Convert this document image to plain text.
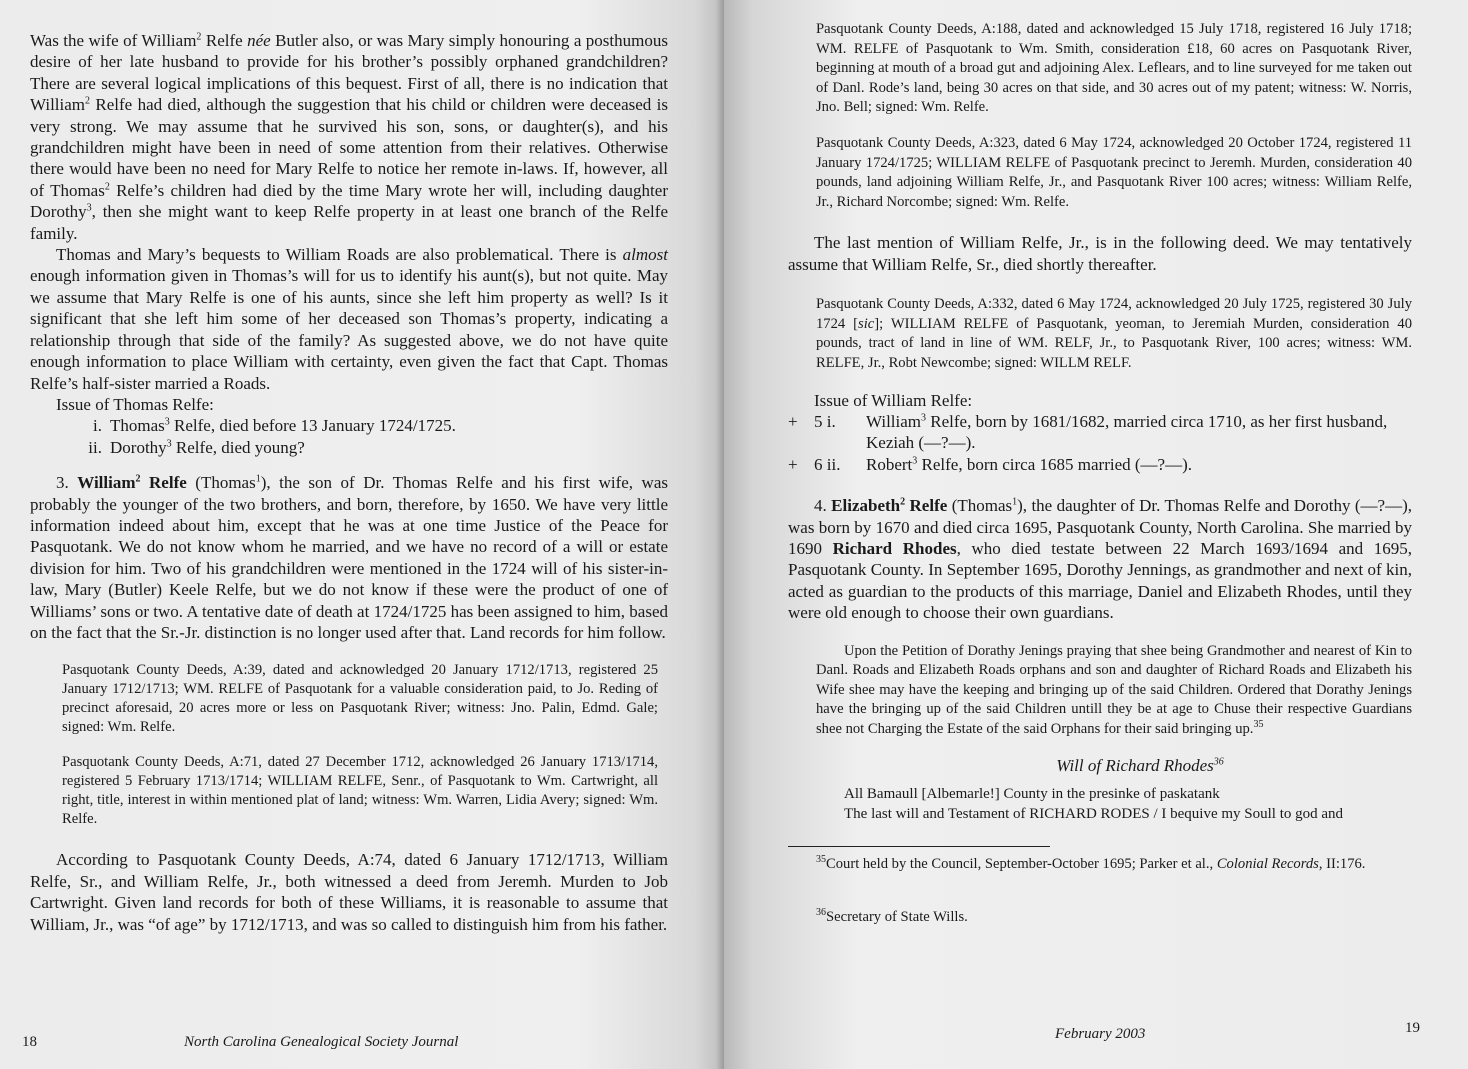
Was the wife of William$^2$ Relfe née Butler also, or was Mary simply honouring a posthumous desire of her late husband to provide for his brother’s possibly orphaned grandchildren? There are several logical implications of this bequest. First of all, there is no indication that William$^2$ Relfe had died, although the suggestion that his child or children were deceased is very strong. We may assume that he survived his son, sons, or daughter(s), and his grandchildren might have been in need of some attention from their relatives. Otherwise there would have been no need for Mary Relfe to notice her remote in-laws. If, however, all of Thomas$^2$ Relfe’s children had died by the time Mary wrote her will, including daughter Dorothy$^3$, then she might want to keep Relfe property in at least one branch of the Relfe family.

Thomas and Mary’s bequests to William Roads are also problematical. There is almost enough information given in Thomas’s will for us to identify his aunt(s), but not quite. May we assume that Mary Relfe is one of his aunts, since she left him property as well? Is it significant that she left him some of her deceased son Thomas’s property, indicating a relationship through that side of the family? As suggested above, we do not have quite enough information to place William with certainty, even given the fact that Capt. Thomas Relfe’s half-sister married a Roads.

Issue of Thomas Relfe:
i. Thomas$^3$ Relfe, died before 13 January 1724/1725.
ii. Dorothy$^3$ Relfe, died young?

3. William$^2$ Relfe (Thomas$^1$), the son of Dr. Thomas Relfe and his first wife, was probably the younger of the two brothers, and born, therefore, by 1650. We have very little information indeed about him, except that he was at one time Justice of the Peace for Pasquotank. We do not know whom he married, and we have no record of a will or estate division for him. Two of his grandchildren were mentioned in the 1724 will of his sister-in-law, Mary (Butler) Keele Relfe, but we do not know if these were the product of one of Williams’ sons or two. A tentative date of death at 1724/1725 has been assigned to him, based on the fact that the Sr.-Jr. distinction is no longer used after that. Land records for him follow.

Pasquotank County Deeds, A:39, dated and acknowledged 20 January 1712/1713, registered 25 January 1712/1713; WM. RELFE of Pasquotank for a valuable consideration paid, to Jo. Reding of precinct aforesaid, 20 acres more or less on Pasquotank River; witness: Jno. Palin, Edmd. Gale; signed: Wm. Relfe.

Pasquotank County Deeds, A:71, dated 27 December 1712, acknowledged 26 January 1713/1714, registered 5 February 1713/1714; WILLIAM RELFE, Senr., of Pasquotank to Wm. Cartwright, all right, title, interest in within mentioned plat of land; witness: Wm. Warren, Lidia Avery; signed: Wm. Relfe.

According to Pasquotank County Deeds, A:74, dated 6 January 1712/1713, William Relfe, Sr., and William Relfe, Jr., both witnessed a deed from Jeremh. Murden to Job Cartwright. Given land records for both of these Williams, it is reasonable to assume that William, Jr., was “of age” by 1712/1713, and was so called to distinguish him from his father.

18	North Carolina Genealogical Society Journal

Pasquotank County Deeds, A:188, dated and acknowledged 15 July 1718, registered 16 July 1718; WM. RELFE of Pasquotank to Wm. Smith, consideration £18, 60 acres on Pasquotank River, beginning at mouth of a broad gut and adjoining Alex. Leflears, and to line surveyed for me taken out of Danl. Rode’s land, being 30 acres on that side, and 30 acres out of my patent; witness: W. Norris, Jno. Bell; signed: Wm. Relfe.

Pasquotank County Deeds, A:323, dated 6 May 1724, acknowledged 20 October 1724, registered 11 January 1724/1725; WILLIAM RELFE of Pasquotank precinct to Jeremh. Murden, consideration 40 pounds, land adjoining William Relfe, Jr., and Pasquotank River 100 acres; witness: William Relfe, Jr., Richard Norcombe; signed: Wm. Relfe.

The last mention of William Relfe, Jr., is in the following deed. We may tentatively assume that William Relfe, Sr., died shortly thereafter.

Pasquotank County Deeds, A:332, dated 6 May 1724, acknowledged 20 July 1725, registered 30 July 1724 [sic]; WILLIAM RELFE of Pasquotank, yeoman, to Jeremiah Murden, consideration 40 pounds, tract of land in line of WM. RELF, Jr., to Pasquotank River, 100 acres; witness: WM. RELFE, Jr., Robt Newcombe; signed: WILLM RELF.

Issue of William Relfe:
+ 5 i.	William$^3$ Relfe, born by 1681/1682, married circa 1710, as her first husband,
Keziah (—?—).
+ 6 ii.	Robert$^3$ Relfe, born circa 1685 married (—?—).

4. Elizabeth$^2$ Relfe (Thomas$^1$), the daughter of Dr. Thomas Relfe and Dorothy (—?—), was born by 1670 and died circa 1695, Pasquotank County, North Carolina. She married by 1690 Richard Rhodes, who died testate between 22 March 1693/1694 and 1695, Pasquotank County. In September 1695, Dorothy Jennings, as grandmother and next of kin, acted as guardian to the products of this marriage, Daniel and Elizabeth Rhodes, until they were old enough to choose their own guardians.

Upon the Petition of Dorathy Jenings praying that shee being Grandmother and nearest of Kin to Danl. Roads and Elizabeth Roads orphans and son and daughter of Richard Roads and Elizabeth his Wife shee may have the keeping and bringing up of the said Children. Ordered that Dorathy Jenings have the bringing up of the said Children untill they be at age to Chuse their respective Guardians shee not Charging the Estate of the said Orphans for their said bringing up.$^{35}$

Will of Richard Rhodes$^{36}$
All Bamaull [Albemarle!] County in the presinke of paskatank
The last will and Testament of RICHARD RODES / I bequive my Soull to god and

$^{35}$Court held by the Council, September-October 1695; Parker et al., Colonial Records, II:176.

$^{36}$Secretary of State Wills.

February 2003	19
